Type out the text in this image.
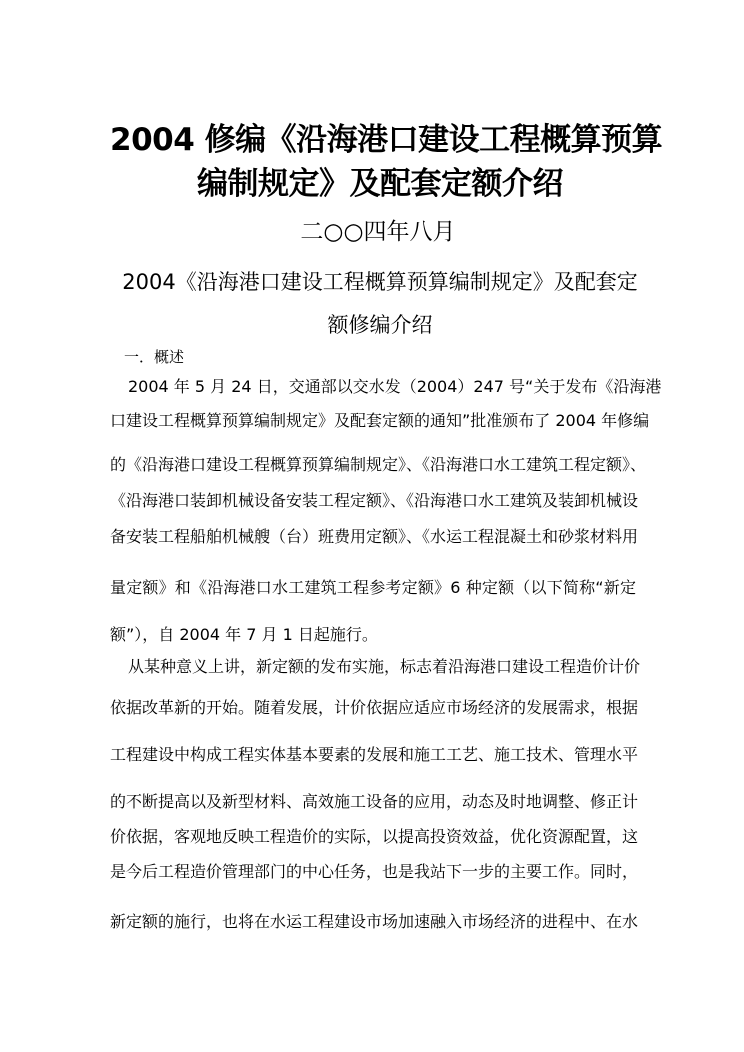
2004 修编《沿海港口建设工程概算预算
编制规定》及配套定额介绍
二○○四年八月
2004《沿海港口建设工程概算预算编制规定》及配套定
额修编介绍
一．概述
2004 年 5 月 24 日，交通部以交水发（2004）247 号“关于发布《沿海港
口建设工程概算预算编制规定》及配套定额的通知”批准颁布了 2004 年修编
的《沿海港口建设工程概算预算编制规定》、《沿海港口水工建筑工程定额》、
《沿海港口装卸机械设备安装工程定额》、《沿海港口水工建筑及装卸机械设
备安装工程船舶机械艘（台）班费用定额》、《水运工程混凝土和砂浆材料用
量定额》和《沿海港口水工建筑工程参考定额》6 种定额（以下简称“新定
额”），自 2004 年 7 月 1 日起施行。
从某种意义上讲，新定额的发布实施，标志着沿海港口建设工程造价计价
依据改革新的开始。随着发展，计价依据应适应市场经济的发展需求，根据
工程建设中构成工程实体基本要素的发展和施工工艺、施工技术、管理水平
的不断提高以及新型材料、高效施工设备的应用，动态及时地调整、修正计
价依据，客观地反映工程造价的实际，以提高投资效益，优化资源配置，这
是今后工程造价管理部门的中心任务，也是我站下一步的主要工作。同时，
新定额的施行，也将在水运工程建设市场加速融入市场经济的进程中、在水
